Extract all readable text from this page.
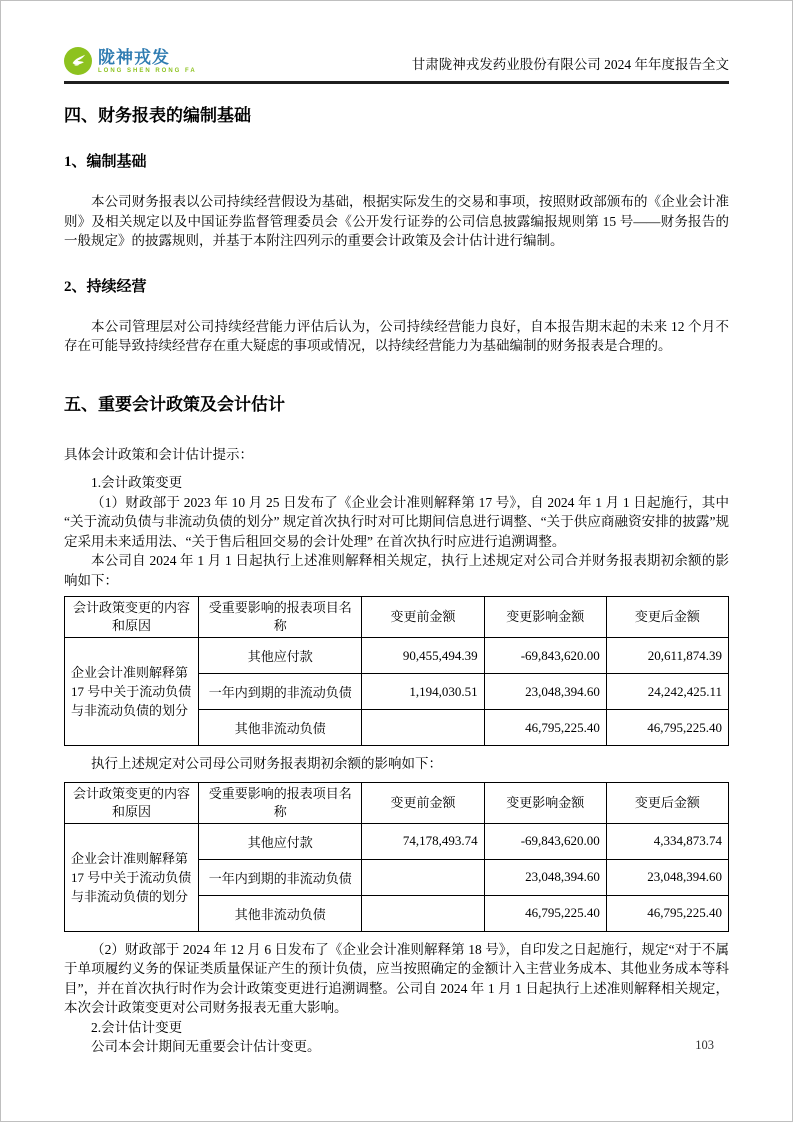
陇神戎发
LONG SHEN RONG FA	甘肃陇神戎发药业股份有限公司 2024 年年度报告全文
四、财务报表的编制基础
1、编制基础

本公司财务报表以公司持续经营假设为基础，根据实际发生的交易和事项，按照财政部颁布的《企业会计准则》及相关规定以及中国证券监督管理委员会《公开发行证券的公司信息披露编报规则第 15 号——财务报告的一般规定》的披露规则，并基于本附注四列示的重要会计政策及会计估计进行编制。

2、持续经营

本公司管理层对公司持续经营能力评估后认为，公司持续经营能力良好，自本报告期末起的未来 12 个月不存在可能导致持续经营存在重大疑虑的事项或情况，以持续经营能力为基础编制的财务报表是合理的。

五、重要会计政策及会计估计

具体会计政策和会计估计提示：

1.会计政策变更

（1）财政部于 2023 年 10 月 25 日发布了《企业会计准则解释第 17 号》，自 2024 年 1 月 1 日起施行，其中“关于流动负债与非流动负债的划分” 规定首次执行时对可比期间信息进行调整、“关于供应商融资安排的披露”规定采用未来适用法、“关于售后租回交易的会计处理” 在首次执行时应进行追溯调整。

本公司自 2024 年 1 月 1 日起执行上述准则解释相关规定，执行上述规定对公司合并财务报表期初余额的影响如下：

会计政策变更的内容和原因	受重要影响的报表项目名称	变更前金额	变更影响金额	变更后金额
企业会计准则解释第 17 号中关于流动负债与非流动负债的划分	其他应付款	90,455,494.39	-69,843,620.00	20,611,874.39
	一年内到期的非流动负债	1,194,030.51	23,048,394.60	24,242,425.11
	其他非流动负债		46,795,225.40	46,795,225.40

执行上述规定对公司母公司财务报表期初余额的影响如下：

会计政策变更的内容和原因	受重要影响的报表项目名称	变更前金额	变更影响金额	变更后金额
企业会计准则解释第 17 号中关于流动负债与非流动负债的划分	其他应付款	74,178,493.74	-69,843,620.00	4,334,873.74
	一年内到期的非流动负债		23,048,394.60	23,048,394.60
	其他非流动负债		46,795,225.40	46,795,225.40

（2）财政部于 2024 年 12 月 6 日发布了《企业会计准则解释第 18 号》，自印发之日起施行，规定“对于不属于单项履约义务的保证类质量保证产生的预计负债，应当按照确定的金额计入主营业务成本、其他业务成本等科目”，并在首次执行时作为会计政策变更进行追溯调整。公司自 2024 年 1 月 1 日起执行上述准则解释相关规定，本次会计政策变更对公司财务报表无重大影响。

2.会计估计变更

公司本会计期间无重要会计估计变更。	103
